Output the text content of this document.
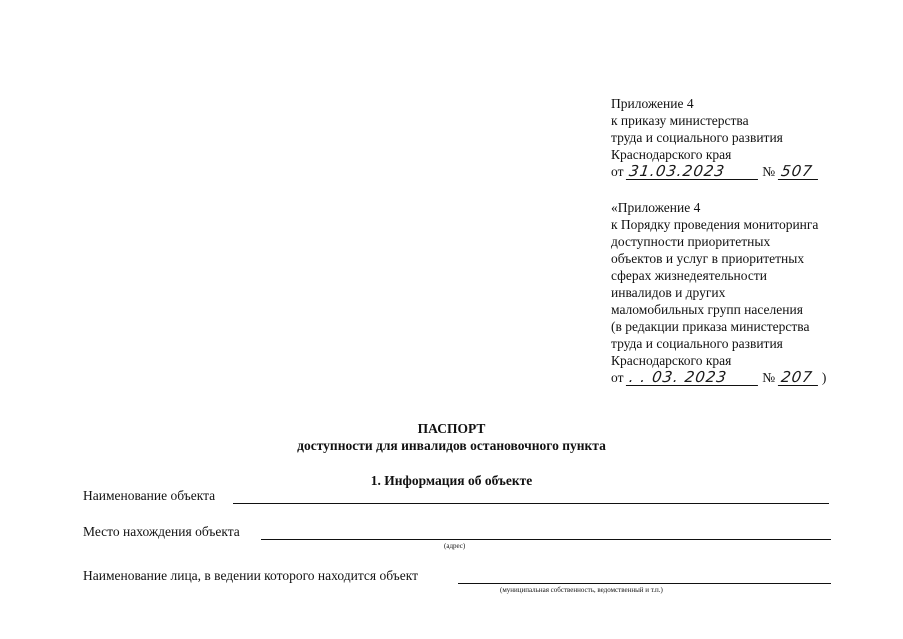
Приложение 4
к приказу министерства
труда и социального развития
Краснодарского края
от 31.03.2023	№ 507
«Приложение 4
к Порядку проведения мониторинга
доступности приоритетных
объектов и услуг в приоритетных
сферах жизнедеятельности
инвалидов и других
маломобильных групп населения
(в редакции приказа министерства
труда и социального развития
Краснодарского края
от . . 03. 2023	№ 207 )
ПАСПОРТ
доступности для инвалидов остановочного пункта
1. Информация об объекте
Наименование объекта
Место нахождения объекта
(адрес)
Наименование лица, в ведении которого находится объект
(муниципальная собственность, ведомственный и т.п.)
